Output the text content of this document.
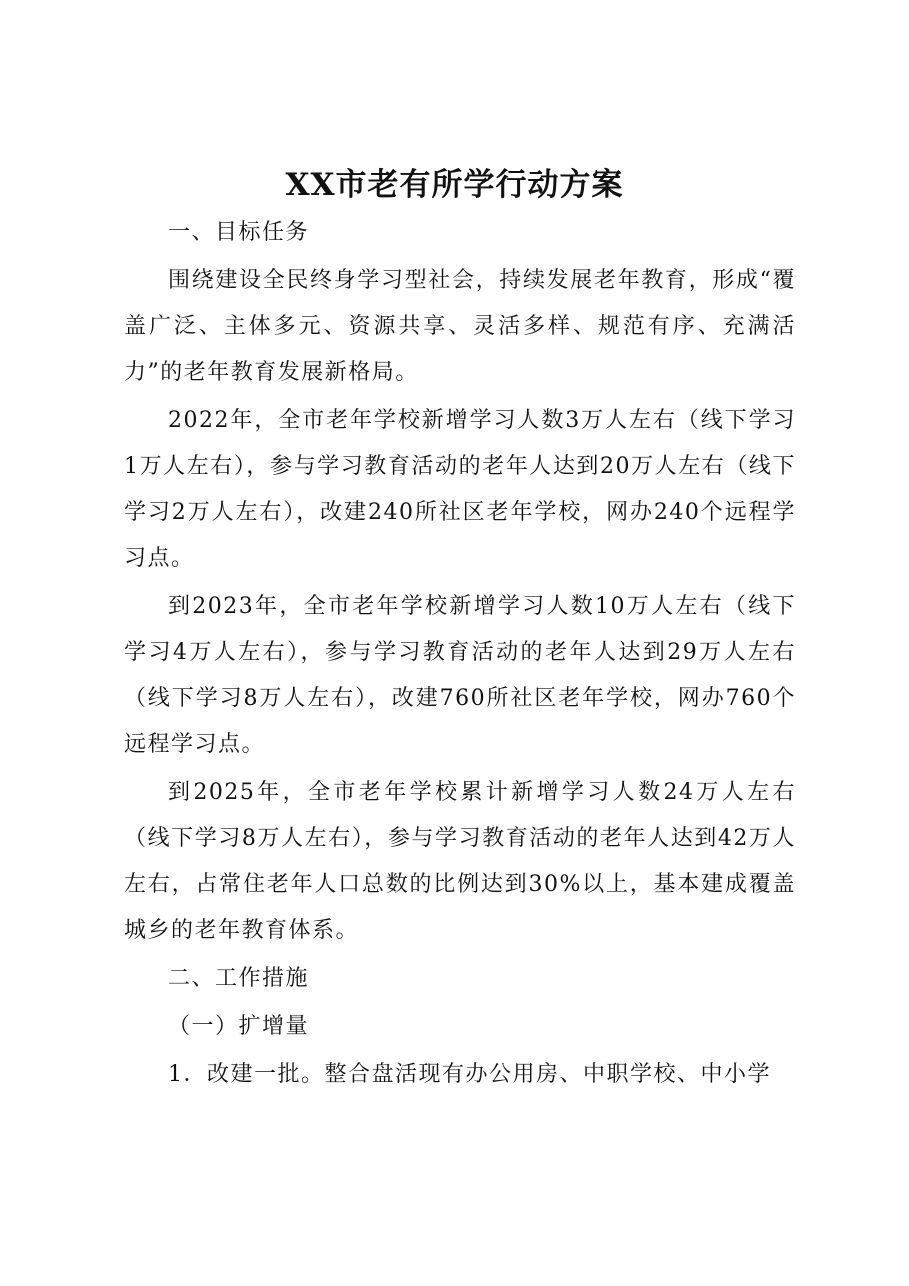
XX市老有所学行动方案

一、目标任务

围绕建设全民终身学习型社会，持续发展老年教育，形成“覆盖广泛、主体多元、资源共享、灵活多样、规范有序、充满活力”的老年教育发展新格局。

2022年，全市老年学校新增学习人数3万人左右（线下学习1万人左右），参与学习教育活动的老年人达到20万人左右（线下学习2万人左右），改建240所社区老年学校，网办240个远程学习点。

到2023年，全市老年学校新增学习人数10万人左右（线下学习4万人左右），参与学习教育活动的老年人达到29万人左右（线下学习8万人左右），改建760所社区老年学校，网办760个远程学习点。

到2025年，全市老年学校累计新增学习人数24万人左右（线下学习8万人左右），参与学习教育活动的老年人达到42万人左右，占常住老年人口总数的比例达到30%以上，基本建成覆盖城乡的老年教育体系。

二、工作措施

（一）扩增量

1．改建一批。整合盘活现有办公用房、中职学校、中小学
